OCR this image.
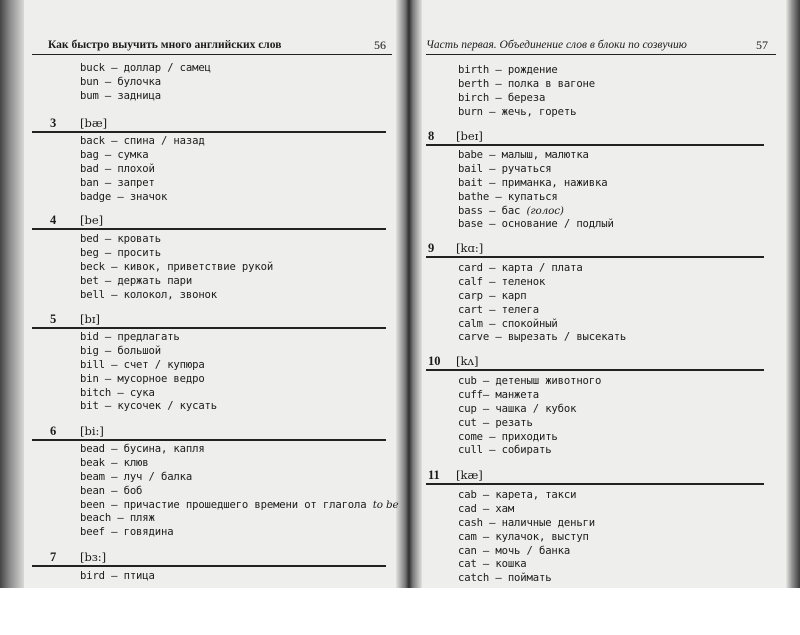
Как быстро выучить много английских слов	56
buck — доллар / самец
bun — булочка
bum — задница
3 [bæ]
back — спина / назад
bag — сумка
bad — плохой
ban — запрет
badge — значок
4 [be]
bed — кровать
beg — просить
beck — кивок, приветствие рукой
bet — держать пари
bell — колокол, звонок
5 [bɪ]
bid — предлагать
big — большой
bill — счет / купюра
bin — мусорное ведро
bitch — сука
bit — кусочек / кусать
6 [bi:]
bead — бусина, капля
beak — клюв
beam — луч / балка
bean — боб
been — причастие прошедшего времени от глагола to be
beach — пляж
beef — говядина
7 [bɜ:]
bird — птица
Часть первая. Объединение слов в блоки по созвучию	57
birth — рождение
berth — полка в вагоне
birch — береза
burn — жечь, гореть
8 [beɪ]
babe — малыш, малютка
bail — ручаться
bait — приманка, наживка
bathe — купаться
bass — бас (голос)
base — основание / подлый
9 [kɑ:]
card — карта / плата
calf — теленок
carp — карп
cart — телега
calm — спокойный
carve — вырезать / высекать
10 [kʌ]
cub — детеныш животного
cuff— манжета
cup — чашка / кубок
cut — резать
come — приходить
cull — собирать
11 [kæ]
cab — карета, такси
cad — хам
cash — наличные деньги
cam — кулачок, выступ
can — мочь / банка
cat — кошка
catch — поймать
